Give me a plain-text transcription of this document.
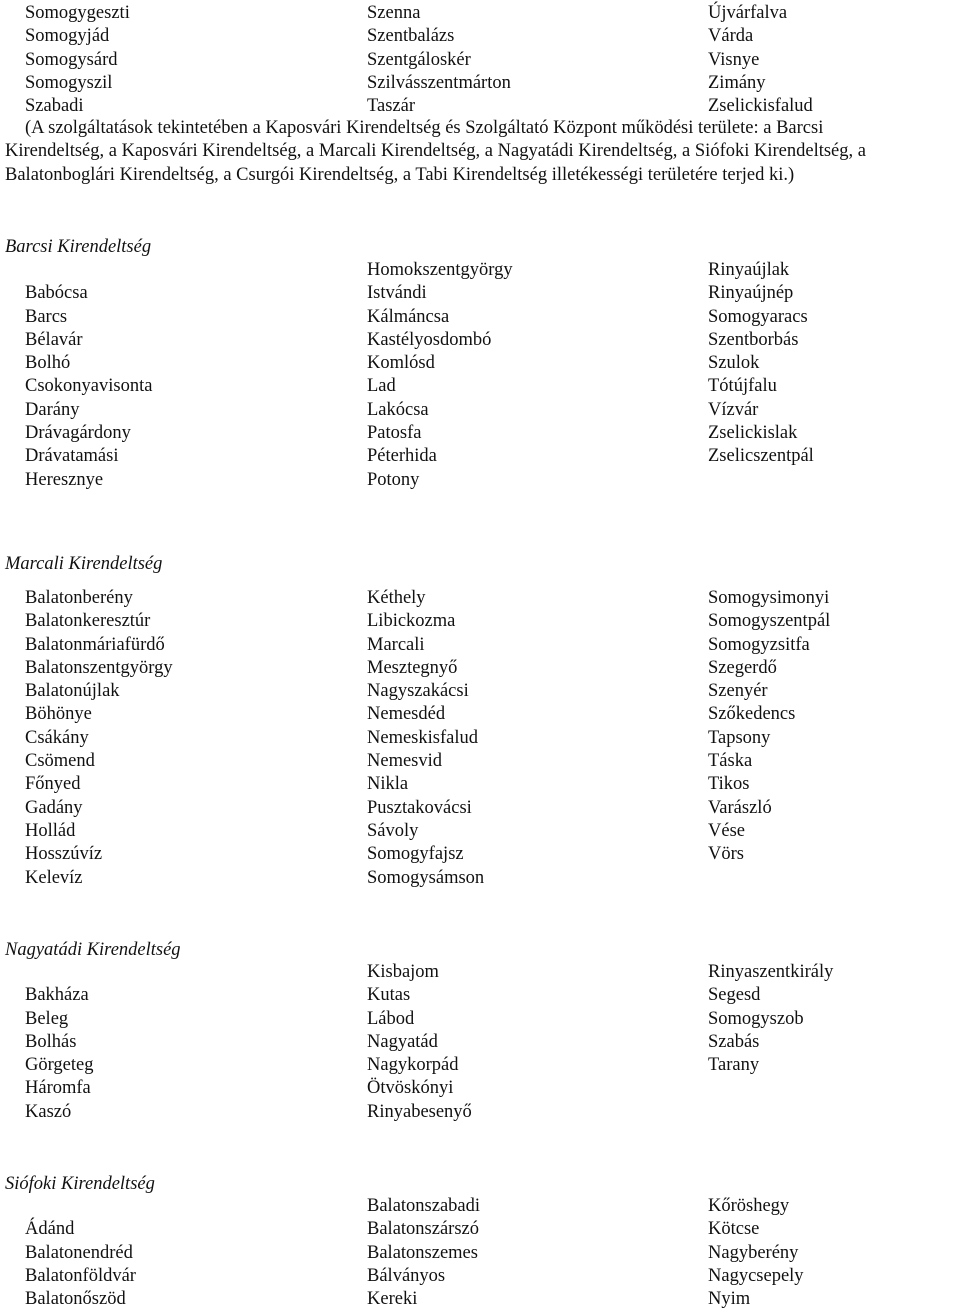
Somogygeszti
Somogyjád
Somogysárd
Somogyszil
Szabadi
Szenna
Szentbalázs
Szentgáloskér
Szilvásszentmárton
Taszár
Újvárfalva
Várda
Visnye
Zimány
Zselickisfalud
(A szolgáltatások tekintetében a Kaposvári Kirendeltség és Szolgáltató Központ működési területe: a Barcsi
Kirendeltség, a Kaposvári Kirendeltség, a Marcali Kirendeltség, a Nagyatádi Kirendeltség, a Siófoki Kirendeltség, a
Balatonboglári Kirendeltség, a Csurgói Kirendeltség, a Tabi Kirendeltség illetékességi területére terjed ki.)
Barcsi Kirendeltség
Babócsa
Barcs
Bélavár
Bolhó
Csokonyavisonta
Darány
Drávagárdony
Drávatamási
Heresznye
Homokszentgyörgy
Istvándi
Kálmáncsa
Kastélyosdombó
Komlósd
Lad
Lakócsa
Patosfa
Péterhida
Potony
Rinyaújlak
Rinyaújnép
Somogyaracs
Szentborbás
Szulok
Tótújfalu
Vízvár
Zselickislak
Zselicszentpál
Marcali Kirendeltség
Balatonberény
Balatonkeresztúr
Balatonmáriafürdő
Balatonszentgyörgy
Balatonújlak
Böhönye
Csákány
Csömend
Főnyed
Gadány
Hollád
Hosszúvíz
Kelevíz
Kéthely
Libickozma
Marcali
Mesztegnyő
Nagyszakácsi
Nemesdéd
Nemeskisfalud
Nemesvid
Nikla
Pusztakovácsi
Sávoly
Somogyfajsz
Somogysámson
Somogysimonyi
Somogyszentpál
Somogyzsitfa
Szegerdő
Szenyér
Szőkedencs
Tapsony
Táska
Tikos
Varászló
Vése
Vörs
Nagyatádi Kirendeltség
Bakháza
Beleg
Bolhás
Görgeteg
Háromfa
Kaszó
Kisbajom
Kutas
Lábod
Nagyatád
Nagykorpád
Ötvöskónyi
Rinyabesenyő
Rinyaszentkirály
Segesd
Somogyszob
Szabás
Tarany
Siófoki Kirendeltség
Ádánd
Balatonendréd
Balatonföldvár
Balatonőszöd
Balatonszabadi
Balatonszárszó
Balatonszemes
Bálványos
Kereki
Kőröshegy
Kötcse
Nagyberény
Nagycsepely
Nyim
